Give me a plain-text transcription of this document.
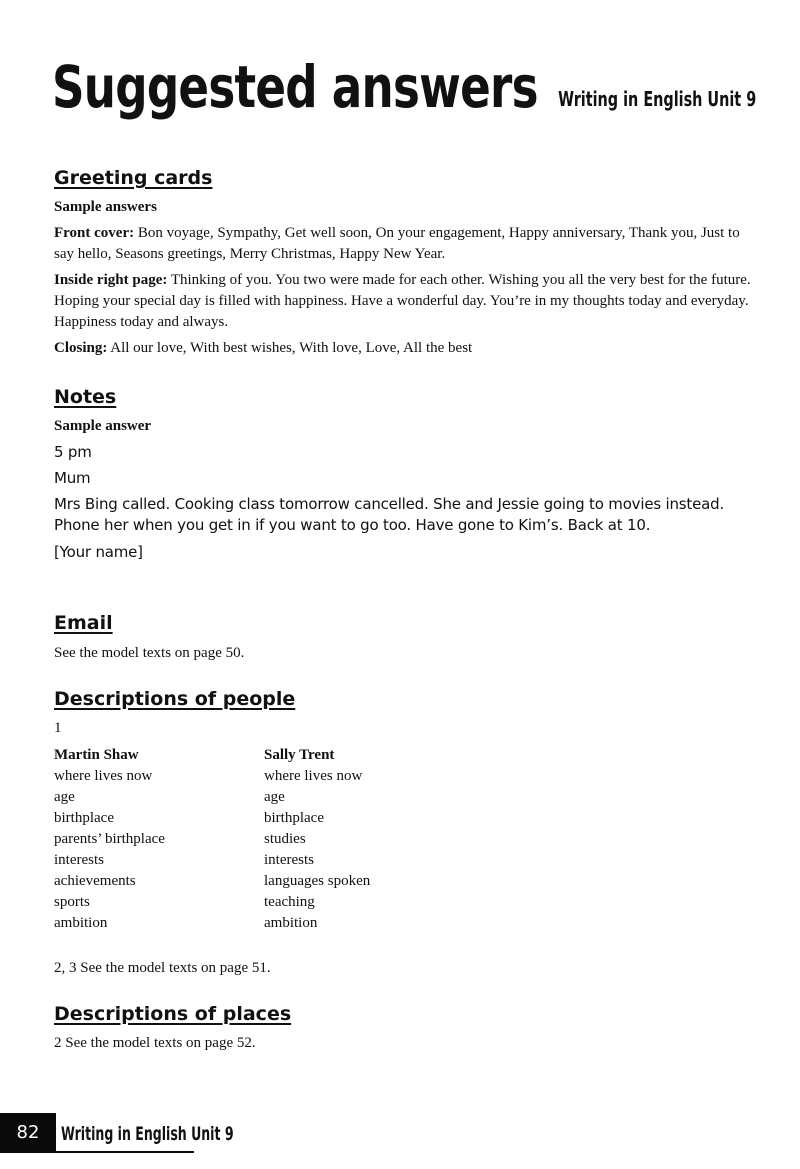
Suggested answers Writing in English Unit 9
Greeting cards

Sample answers

Front cover: Bon voyage, Sympathy, Get well soon, On your engagement, Happy anniversary, Thank you, Just to say hello, Seasons greetings, Merry Christmas, Happy New Year.

Inside right page: Thinking of you. You two were made for each other. Wishing you all the very best for the future. Hoping your special day is filled with happiness. Have a wonderful day. You’re in my thoughts today and everyday. Happiness today and always.

Closing: All our love, With best wishes, With love, Love, All the best

Notes

Sample answer

5 pm

Mum

Mrs Bing called. Cooking class tomorrow cancelled. She and Jessie going to movies instead. Phone her when you get in if you want to go too. Have gone to Kim’s. Back at 10.

[Your name]

Email

See the model texts on page 50.

Descriptions of people

1

Martin Shaw

where lives now
age
birthplace
parents’ birthplace
interests
achievements
sports
ambition

Sally Trent

where lives now
age
birthplace
studies
interests
languages spoken
teaching
ambition

2, 3 See the model texts on page 51.

Descriptions of places

2 See the model texts on page 52.

82	Writing in English Unit 9
